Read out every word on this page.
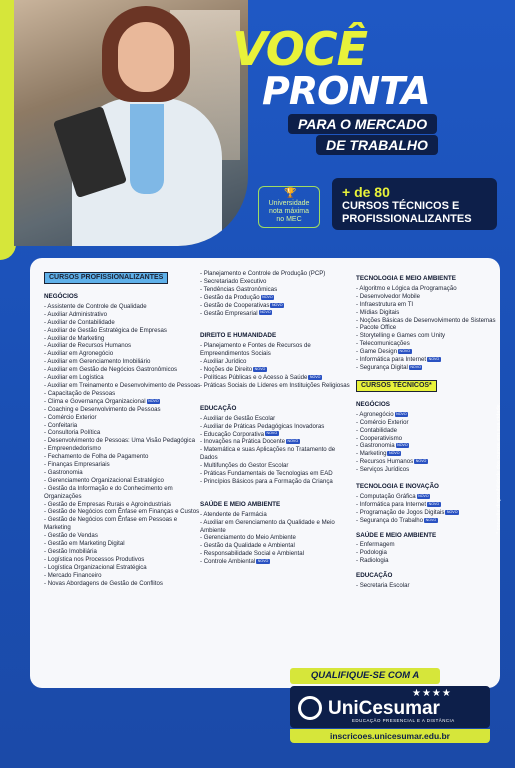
VOCÊ
PRONTA
PARA O MERCADO
DE TRABALHO
🏆
Universidade
nota máxima
no MEC
+ de 80
CURSOS TÉCNICOS E
PROFISSIONALIZANTES
CURSOS PROFISSIONALIZANTES
NEGÓCIOS
- Assistente de Controle de Qualidade
- Auxiliar Administrativo
- Auxiliar de Contabilidade
- Auxiliar de Gestão Estratégica de Empresas
- Auxiliar de Marketing
- Auxiliar de Recursos Humanos
- Auxiliar em Agronegócio
- Auxiliar em Gerenciamento Imobiliário
- Auxiliar em Gestão de Negócios Gastronômicos
- Auxiliar em Logística
- Auxiliar em Treinamento e Desenvolvimento de Pessoas
- Capacitação de Pessoas
- Clima e Governança Organizacional NOVO
- Coaching e Desenvolvimento de Pessoas
- Comércio Exterior
- Confeitaria
- Consultoria Política
- Desenvolvimento de Pessoas: Uma Visão Pedagógica
- Empreendedorismo
- Fechamento de Folha de Pagamento
- Finanças Empresariais
- Gastronomia
- Gerenciamento Organizacional Estratégico
- Gestão da Informação e do Conhecimento em Organizações
- Gestão de Empresas Rurais e Agroindustriais
- Gestão de Negócios com Ênfase em Finanças e Custos
- Gestão de Negócios com Ênfase em Pessoas e Marketing
- Gestão de Vendas
- Gestão em Marketing Digital
- Gestão Imobiliária
- Logística nos Processos Produtivos
- Logística Organizacional Estratégica
- Mercado Financeiro
- Novas Abordagens de Gestão de Conflitos
- Planejamento e Controle de Produção (PCP)
- Secretariado Executivo
- Tendências Gastronômicas
- Gestão da Produção NOVO
- Gestão de Cooperativas NOVO
- Gestão Empresarial NOVO
DIREITO E HUMANIDADE
- Planejamento e Fontes de Recursos de Empreendimentos Sociais
- Auxiliar Jurídico
- Noções de Direito NOVO
- Políticas Públicas e o Acesso à Saúde NOVO
- Práticas Sociais de Líderes em Instituições Religiosas
EDUCAÇÃO
- Auxiliar de Gestão Escolar
- Auxiliar de Práticas Pedagógicas Inovadoras
- Educação Corporativa NOVO
- Inovações na Prática Docente NOVO
- Matemática e suas Aplicações no Tratamento de Dados
- Multifunções do Gestor Escolar
- Práticas Fundamentais de Tecnologias em EAD
- Princípios Básicos para a Formação da Criança
SAÚDE E MEIO AMBIENTE
- Atendente de Farmácia
- Auxiliar em Gerenciamento da Qualidade e Meio Ambiente
- Gerenciamento do Meio Ambiente
- Gestão da Qualidade e Ambiental
- Responsabilidade Social e Ambiental
- Controle Ambiental NOVO
TECNOLOGIA E MEIO AMBIENTE
- Algoritmo e Lógica da Programação
- Desenvolvedor Mobile
- Infraestrutura em TI
- Mídias Digitais
- Noções Básicas de Desenvolvimento de Sistemas
- Pacote Office
- Storytelling e Games com Unity
- Telecomunicações
- Game Design NOVO
- Informática para Internet NOVO
- Segurança Digital NOVO
CURSOS TÉCNICOS*
NEGÓCIOS
- Agronegócio NOVO
- Comércio Exterior
- Contabilidade
- Cooperativismo
- Gastronomia NOVO
- Marketing NOVO
- Recursos Humanos NOVO
- Serviços Jurídicos
TECNOLOGIA E INOVAÇÃO
- Computação Gráfica NOVO
- Informática para Internet NOVO
- Programação de Jogos Digitais NOVO
- Segurança do Trabalho NOVO
SAÚDE E MEIO AMBIENTE
- Enfermagem
- Podologia
- Radiologia
EDUCAÇÃO
- Secretaria Escolar
* consulte disponibilidade dos cursos em sua cidade.
QUALIFIQUE-SE COM A
UniCesumar
★★★★
EDUCAÇÃO PRESENCIAL E A DISTÂNCIA
inscricoes.unicesumar.edu.br
